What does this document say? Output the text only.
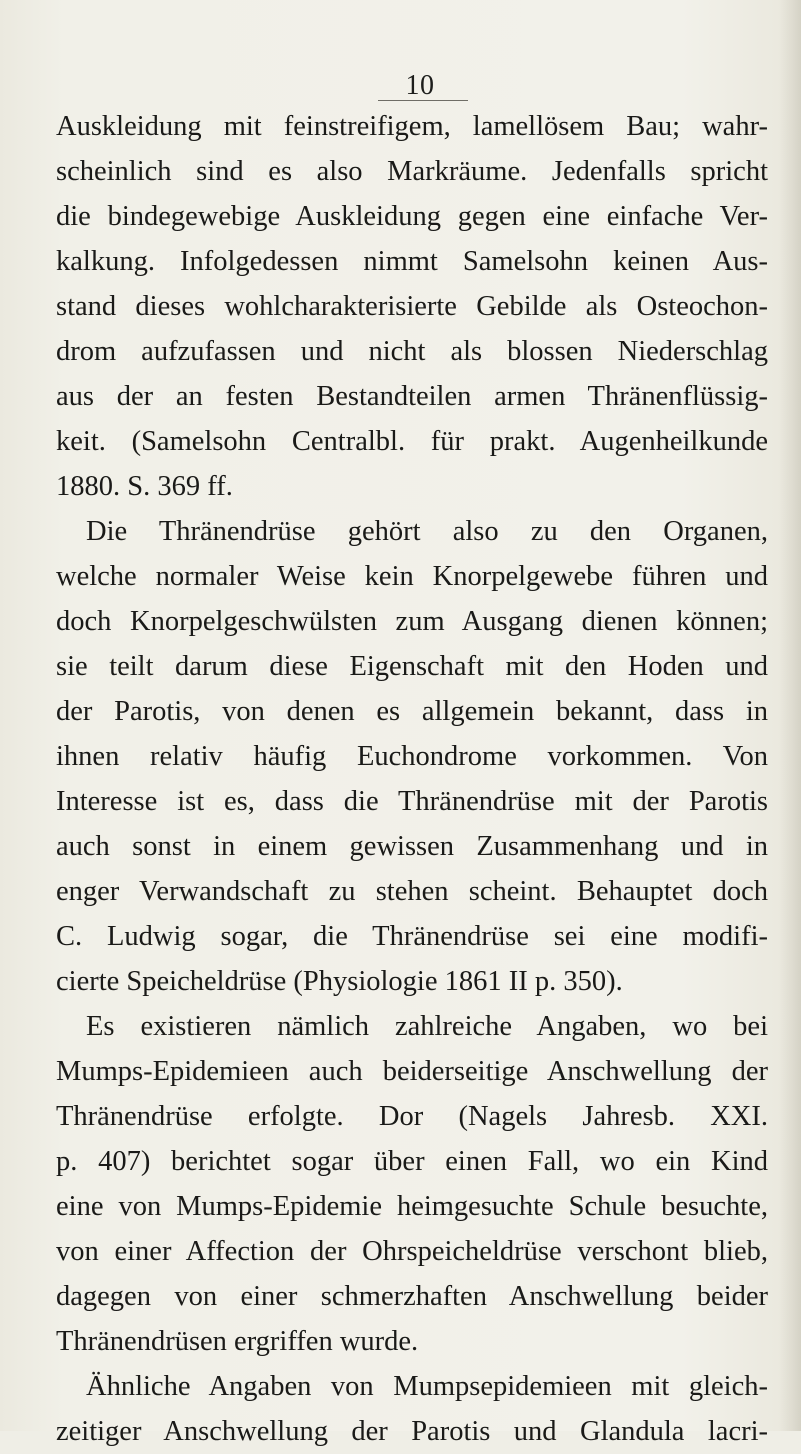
10
Auskleidung mit feinstreifigem, lamellösem Bau; wahr-
scheinlich sind es also Markräume. Jedenfalls spricht
die bindegewebige Auskleidung gegen eine einfache Ver-
kalkung. Infolgedessen nimmt Samelsohn keinen Aus-
stand dieses wohlcharakterisierte Gebilde als Osteochon-
drom aufzufassen und nicht als blossen Niederschlag
aus der an festen Bestandteilen armen Thränenflüssig-
keit. (Samelsohn Centralbl. für prakt. Augenheilkunde
1880. S. 369 ff.
Die Thränendrüse gehört also zu den Organen,
welche normaler Weise kein Knorpelgewebe führen und
doch Knorpelgeschwülsten zum Ausgang dienen können;
sie teilt darum diese Eigenschaft mit den Hoden und
der Parotis, von denen es allgemein bekannt, dass in
ihnen relativ häufig Euchondrome vorkommen. Von
Interesse ist es, dass die Thränendrüse mit der Parotis
auch sonst in einem gewissen Zusammenhang und in
enger Verwandschaft zu stehen scheint. Behauptet doch
C. Ludwig sogar, die Thränendrüse sei eine modifi-
cierte Speicheldrüse (Physiologie 1861 II p. 350).
Es existieren nämlich zahlreiche Angaben, wo bei
Mumps-Epidemieen auch beiderseitige Anschwellung der
Thränendrüse erfolgte. Dor (Nagels Jahresb. XXI.
p. 407) berichtet sogar über einen Fall, wo ein Kind
eine von Mumps-Epidemie heimgesuchte Schule besuchte,
von einer Affection der Ohrspeicheldrüse verschont blieb,
dagegen von einer schmerzhaften Anschwellung beider
Thränendrüsen ergriffen wurde.
Ähnliche Angaben von Mumpsepidemieen mit gleich-
zeitiger Anschwellung der Parotis und Glandula lacri-
